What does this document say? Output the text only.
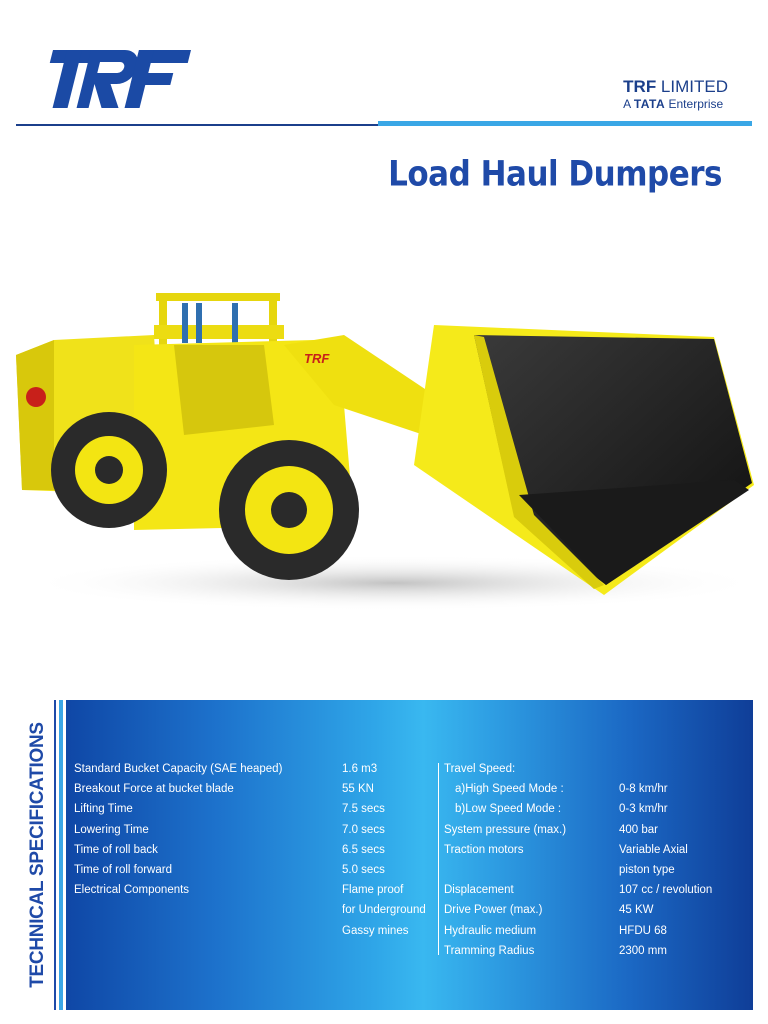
TRF LIMITED
A TATA Enterprise
Load Haul Dumpers
TRF
TECHNICAL SPECIFICATIONS Standard Bucket Capacity (SAE heaped)
Breakout Force at bucket blade
Lifting Time
Lowering Time
Time of roll back
Time of roll forward
Electrical Components
1.6 m3
55 KN
7.5 secs
7.0 secs
6.5 secs
5.0 secs
Flame proof
for Underground
Gassy mines
Travel Speed:
a)High Speed Mode :
b)Low Speed Mode :
System pressure (max.)
Traction motors
Displacement
Drive Power (max.)
Hydraulic medium
Tramming Radius
0-8 km/hr
0-3 km/hr
400 bar
Variable Axial
piston type
107 cc / revolution
45 KW
HFDU 68
2300 mm
